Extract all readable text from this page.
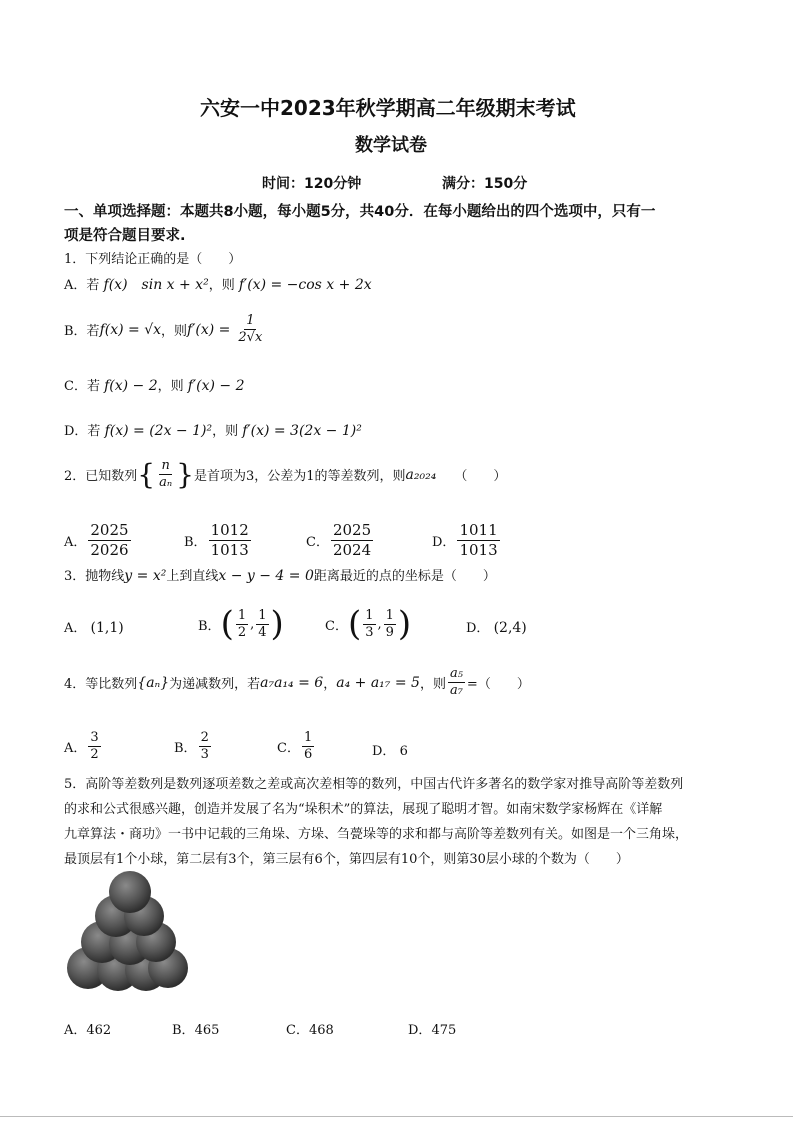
六安一中2023年秋学期高二年级期末考试
数学试卷
时间：120分钟	满分：150分
一、单项选择题：本题共8小题，每小题5分，共40分．在每小题给出的四个选项中，只有一
项是符合题目要求.
1．下列结论正确的是（　　）
A．若 f(x)　sin x + x²，则 f′(x) = −cos x + 2x
B．若 f(x) = √x ，则 $f'(x) = \frac{1}{2√x}$
C．若 f(x) − 2，则 f′(x) − 2
D．若 f(x) = (2x − 1)²，则 f′(x) = 3(2x − 1)²
2．已知数列 { $\frac{n}{\text{aₙ}}$ } 是首项为3，公差为1的等差数列，则 a₂₀₂₄ （　　）
A． $\frac{2025}{2026}$	B． $\frac{1012}{1013}$	C． $\frac{2025}{2024}$	D． $\frac{1011}{1013}$
3．抛物线y = x²上到直线x − y − 4 = 0距离最近的点的坐标是（　　）
A． (1,1)	B． ( $\frac{1}{2}$ , $\frac{1}{4}$ )	C． ( $\frac{1}{3}$ , $\frac{1}{9}$ )	D． (2,4)
4．等比数列 {aₙ} 为递减数列，若 a₇a₁₄ = 6 ， a₄ + a₁₇ = 5 ，则 $\frac{\text{a₅}}{\text{a₇}}$ =（　　）
A． $\frac{3}{2}$	B． $\frac{2}{3}$	C． $\frac{1}{6}$	D． 6
5．高阶等差数列是数列逐项差数之差或高次差相等的数列，中国古代许多著名的数学家对推导高阶等差数列
的求和公式很感兴趣，创造并发展了名为“垛积术”的算法，展现了聪明才智。如南宋数学家杨辉在《详解
九章算法・商功》一书中记载的三角垛、方垛、刍甍垛等的求和都与高阶等差数列有关。如图是一个三角垛，
最顶层有1个小球，第二层有3个，第三层有6个，第四层有10个，则第30层小球的个数为（　　）
A．462	B．465	C．468	D．475
